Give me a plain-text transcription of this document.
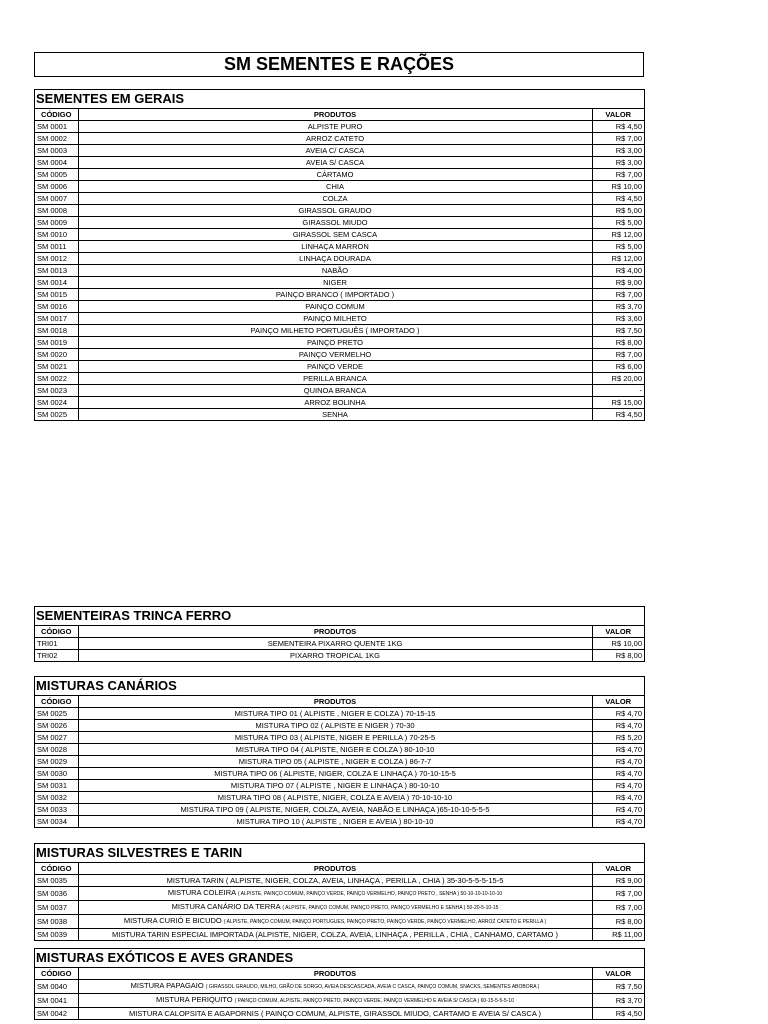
SM SEMENTES E RAÇÕES
SEMENTES EM GERAIS
CÓDIGO	PRODUTOS	VALOR
SM 0001	ALPISTE PURO	R$ 4,50
SM 0002	ARROZ CATETO	R$ 7,00
SM 0003	AVEIA C/ CASCA	R$ 3,00
SM 0004	AVEIA S/ CASCA	R$ 3,00
SM 0005	CÁRTAMO	R$ 7,00
SM 0006	CHIA	R$ 10,00
SM 0007	COLZA	R$ 4,50
SM 0008	GIRASSOL GRAUDO	R$ 5,00
SM 0009	GIRASSOL MIUDO	R$ 5,00
SM 0010	GIRASSOL SEM CASCA	R$ 12,00
SM 0011	LINHAÇA MARRON	R$ 5,00
SM 0012	LINHAÇA DOURADA	R$ 12,00
SM 0013	NABÃO	R$ 4,00
SM 0014	NIGER	R$ 9,00
SM 0015	PAINÇO BRANCO ( IMPORTADO )	R$ 7,00
SM 0016	PAINÇO COMUM	R$ 3,70
SM 0017	PAINÇO MILHETO	R$ 3,60
SM 0018	PAINÇO MILHETO PORTUGUÊS ( IMPORTADO )	R$ 7,50
SM 0019	PAINÇO PRETO	R$ 8,00
SM 0020	PAINÇO VERMELHO	R$ 7,00
SM 0021	PAINÇO VERDE	R$ 6,00
SM 0022	PERILLA BRANCA	R$ 20,00
SM 0023	QUINOA BRANCA	-
SM 0024	ARROZ BOLINHA	R$ 15,00
SM 0025	SENHA	R$ 4,50
SEMENTEIRAS TRINCA FERRO
CÓDIGO	PRODUTOS	VALOR
TRI01	SEMENTEIRA PIXARRO QUENTE 1KG	R$ 10,00
TRI02	PIXARRO TROPICAL 1KG	R$ 8,00
MISTURAS CANÁRIOS
CÓDIGO	PRODUTOS	VALOR
SM 0025	MISTURA TIPO 01 ( ALPISTE , NIGER E COLZA ) 70-15-15	R$ 4,70
SM 0026	MISTURA TIPO 02 ( ALPISTE E NIGER ) 70-30	R$ 4,70
SM 0027	MISTURA TIPO 03 ( ALPISTE, NIGER E PERILLA ) 70-25-5	R$ 5,20
SM 0028	MISTURA TIPO 04 ( ALPISTE, NIGER E COLZA ) 80-10-10	R$ 4,70
SM 0029	MISTURA TIPO 05 ( ALPISTE , NIGER E COLZA ) 86-7-7	R$ 4,70
SM 0030	MISTURA TIPO 06 ( ALPISTE, NIGER, COLZA E LINHAÇA ) 70-10-15-5	R$ 4,70
SM 0031	MISTURA TIPO 07 ( ALPISTE , NIGER E LINHAÇA ) 80-10-10	R$ 4,70
SM 0032	MISTURA TIPO 08 ( ALPISTE, NIGER, COLZA E AVEIA ) 70-10-10-10	R$ 4,70
SM 0033	MISTURA TIPO 09 ( ALPISTE, NIGER, COLZA, AVEIA, NABÃO E LINHAÇA )65-10-10-5-5-5	R$ 4,70
SM 0034	MISTURA TIPO 10 ( ALPISTE , NIGER E AVEIA ) 80-10-10	R$ 4,70
MISTURAS SILVESTRES E TARIN
CÓDIGO	PRODUTOS	VALOR
SM 0035	MISTURA TARIN ( ALPISTE, NIGER, COLZA, AVEIA, LINHAÇA , PERILLA , CHIA ) 35-30-5-5-5-15-5	R$ 9,00
SM 0036	MISTURA COLEIRA ( ALPISTE, PAINÇO COMUM, PAINÇO VERDE, PAINÇO VERMELHO, PAINÇO PRETO , SENHA ) 50-10-10-10-10-10	R$ 7,00
SM 0037	MISTURA CANÁRIO DA TERRA ( ALPISTE, PAINÇO COMUM, PAINÇO PRETO, PAINÇO VERMELHO E SENHA ) 50-20-5-10-15	R$ 7,00
SM 0038	MISTURA CURIÓ E BICUDO ( ALPISTE, PAINÇO COMUM, PAINÇO PORTUGUES, PAINÇO PRETO, PAINÇO VERDE, PAINÇO VERMELHO, ARROZ CATETO E PERILLA )	R$ 8,00
SM 0039	MISTURA TARIN ESPECIAL IMPORTADA (ALPISTE, NIGER, COLZA, AVEIA, LINHAÇA , PERILLA , CHIA , CANHAMO, CARTAMO )	R$ 11,00
MISTURAS EXÓTICOS E AVES GRANDES
CÓDIGO	PRODUTOS	VALOR
SM 0040	MISTURA PAPAGAIO ( GIRASSOL GRAUDO, MILHO, GRÃO DE SORGO, AVEIA DESCASCADA, AVEIA C CASCA, PAINÇO COMUM, SNACKS, SEMENTES ABOBORA )	R$ 7,50
SM 0041	MISTURA PERIQUITO ( PAINÇO COMUM, ALPISTE, PAINÇO PRETO, PAINÇO VERDE, PAINÇO VERMELHO E AVEIA S/ CASCA ) 60-15-5-5-5-10	R$ 3,70
SM 0042	MISTURA CALOPSITA E AGAPORNIS ( PAINÇO COMUM, ALPISTE, GIRASSOL MIUDO, CARTAMO E AVEIA S/ CASCA )	R$ 4,50
